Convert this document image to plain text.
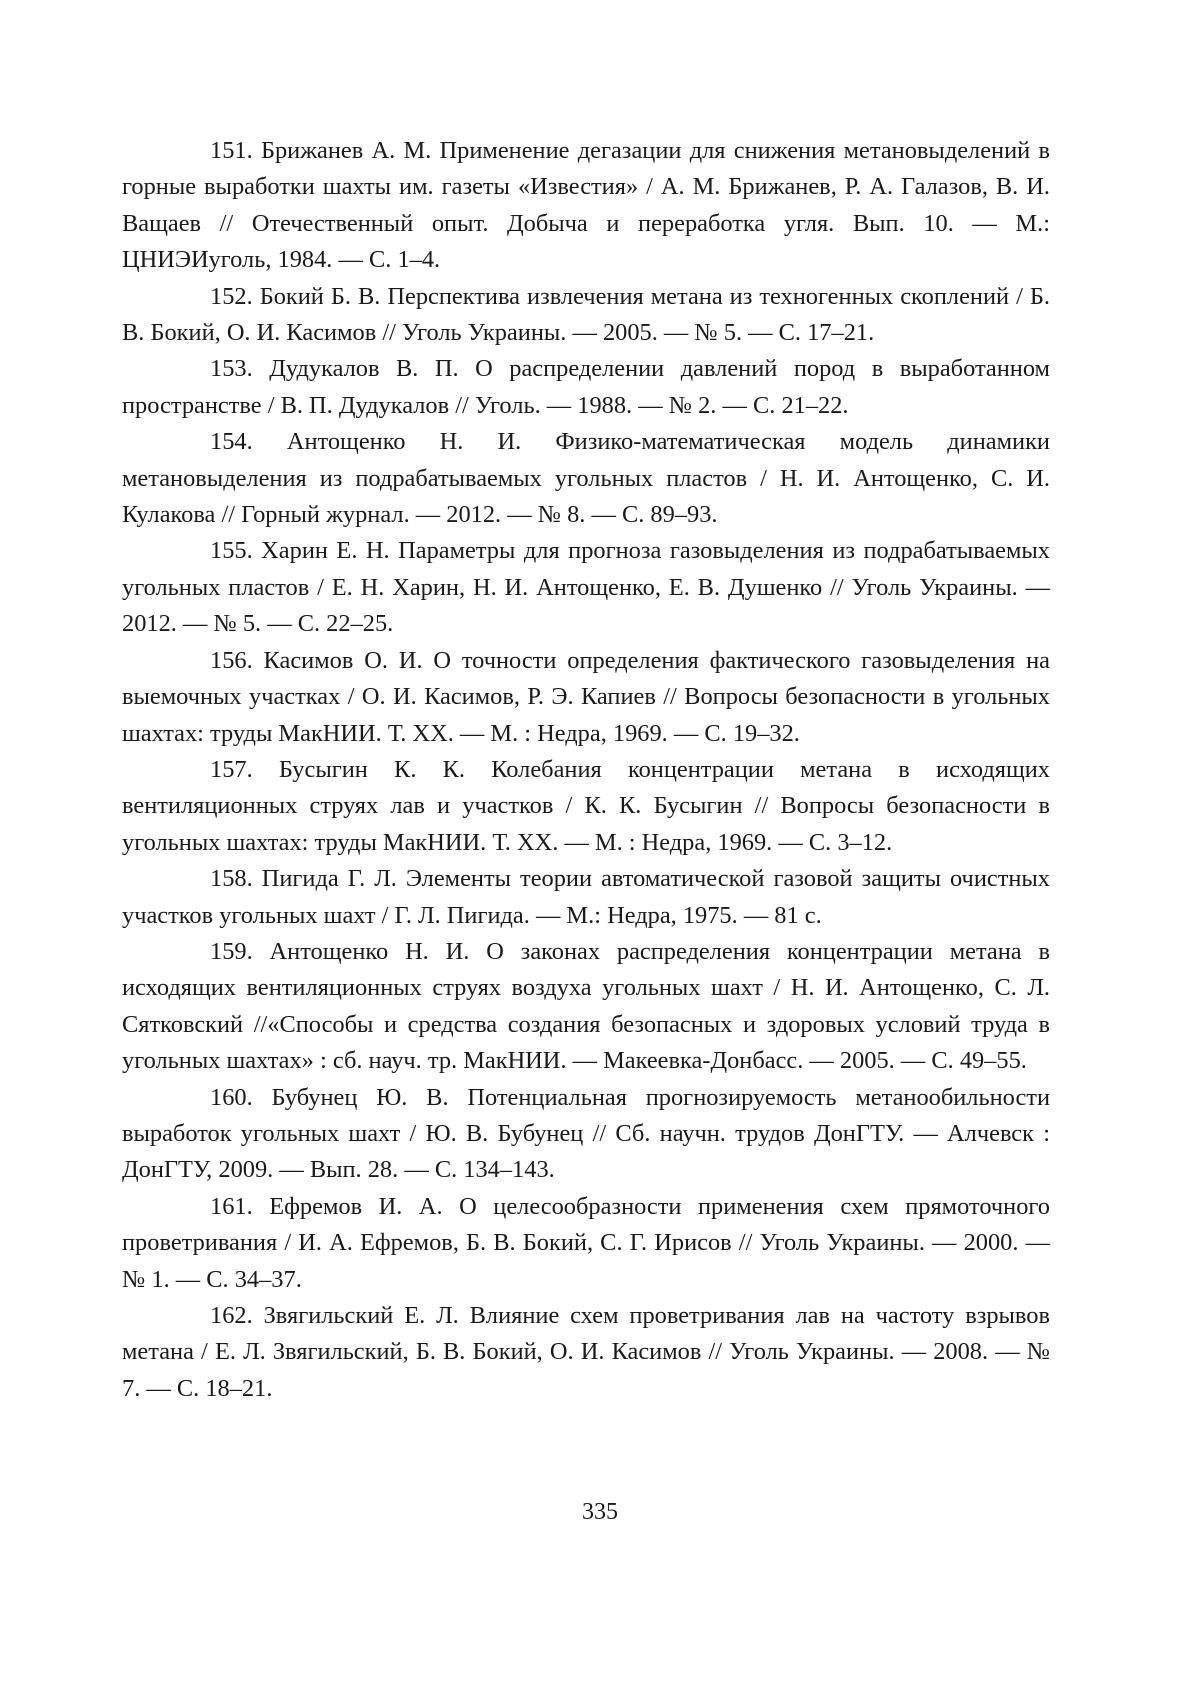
151. Брижанев А. М. Применение дегазации для снижения метановыделений в горные выработки шахты им. газеты «Известия» / А. М. Брижанев, Р. А. Галазов, В. И. Ващаев // Отечественный опыт. Добыча и переработка угля. Вып. 10. — М.: ЦНИЭИуголь, 1984. — С. 1–4.

152. Бокий Б. В. Перспектива извлечения метана из техногенных скоплений / Б. В. Бокий, О. И. Касимов // Уголь Украины. — 2005. — № 5. — С. 17–21.

153. Дудукалов В. П. О распределении давлений пород в выработанном пространстве / В. П. Дудукалов // Уголь. — 1988. — № 2. — С. 21–22.

154. Антощенко Н. И. Физико-математическая модель динамики метановыделения из подрабатываемых угольных пластов / Н. И. Антощенко, С. И. Кулакова // Горный журнал. — 2012. — № 8. — С. 89–93.

155. Харин Е. Н. Параметры для прогноза газовыделения из подрабатываемых угольных пластов / Е. Н. Харин, Н. И. Антощенко, Е. В. Душенко // Уголь Украины. — 2012. — № 5. — С. 22–25.

156. Касимов О. И. О точности определения фактического газовыделения на выемочных участках / О. И. Касимов, Р. Э. Капиев // Вопросы безопасности в угольных шахтах: труды МакНИИ. Т. XX. — М. : Недра, 1969. — С. 19–32.

157. Бусыгин К. К. Колебания концентрации метана в исходящих вентиляционных струях лав и участков / К. К. Бусыгин // Вопросы безопасности в угольных шахтах: труды МакНИИ. Т. XX. — М. : Недра, 1969. — С. 3–12.

158. Пигида Г. Л. Элементы теории автоматической газовой защиты очистных участков угольных шахт / Г. Л. Пигида. — М.: Недра, 1975. — 81 с.

159. Антощенко Н. И. О законах распределения концентрации метана в исходящих вентиляционных струях воздуха угольных шахт / Н. И. Антощенко, С. Л. Сятковский //«Способы и средства создания безопасных и здоровых условий труда в угольных шахтах» : сб. науч. тр. МакНИИ. — Макеевка-Донбасс. — 2005. — С. 49–55.

160. Бубунец Ю. В. Потенциальная прогнозируемость метанообильности выработок угольных шахт / Ю. В. Бубунец // Сб. научн. трудов ДонГТУ. — Алчевск : ДонГТУ, 2009. — Вып. 28. — С. 134–143.

161. Ефремов И. А. О целесообразности применения схем прямоточного проветривания / И. А. Ефремов, Б. В. Бокий, С. Г. Ирисов // Уголь Украины. — 2000. — № 1. — С. 34–37.

162. Звягильский Е. Л. Влияние схем проветривания лав на частоту взрывов метана / Е. Л. Звягильский, Б. В. Бокий, О. И. Касимов // Уголь Украины. — 2008. — № 7. — С. 18–21.

335
